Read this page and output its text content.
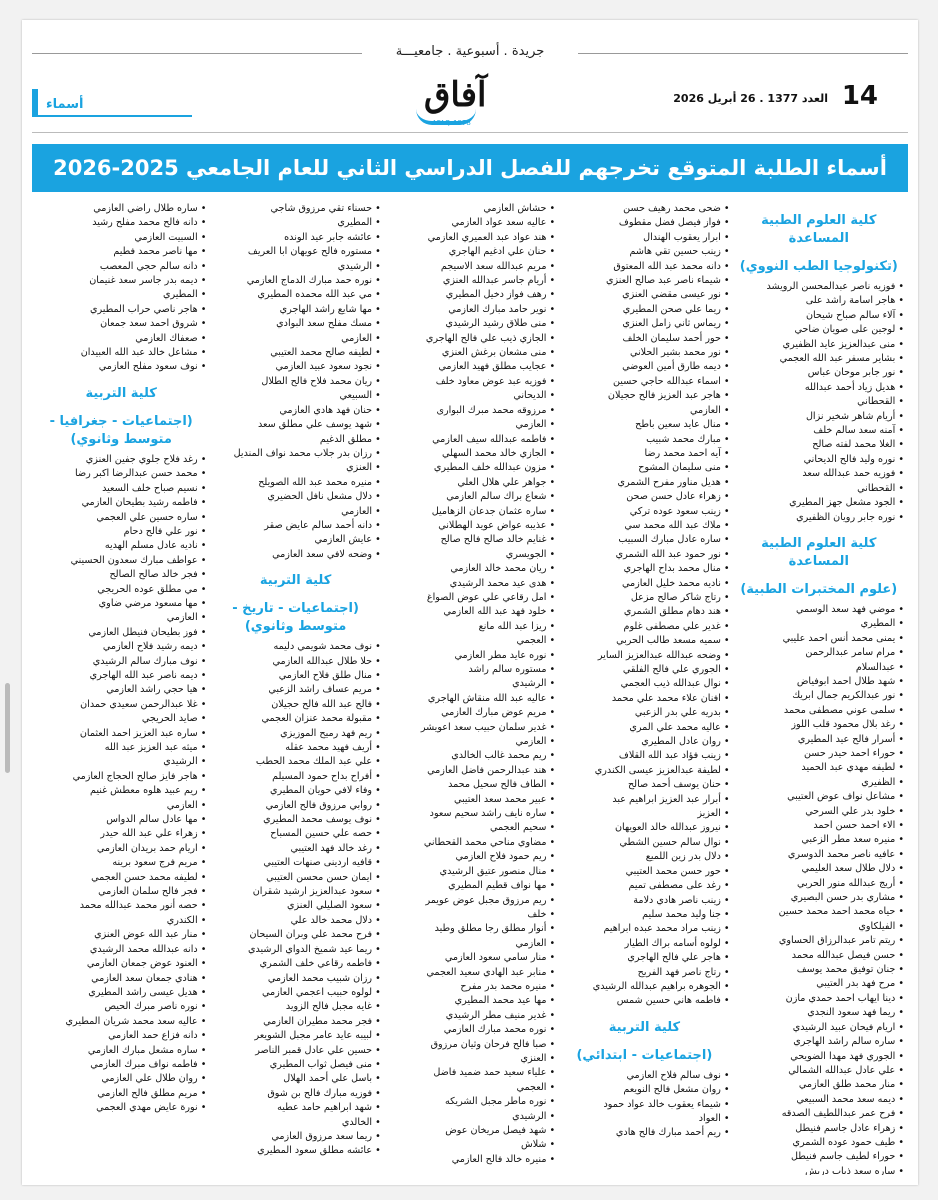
جريدة . أسبوعية . جامعيـــة
14
العدد 1377 . 26 أبريل 2026
آفاق
AFAQ-1978
أسماء
أسماء الطلبة المتوقع تخرجهم للفصل الدراسي الثاني للعام الجامعي 2025-2026
كلية العلوم الطبية المساعدة
(تكنولوجيا الطب النووي)
• فوزيه ناصر عبدالمحسن الرويشد
• هاجر اسامة راشد على
• آلاء سالم صباح شيحان
• لوجين على صويان ضاحي
• منى عبدالعزيز عايد الظفيري
• بشاير مسفر عبد الله العجمي
• نور جابر موحان عباس
• هديل زياد أحمد عبدالله
• القحطاني
• أريام شاهر شخير نزال
• آمنه سعد سالم خلف
• الغلا محمد لفته صالح
• نوره وليد فالح الديحاني
• فوزيه حمد عبدالله سعد
• القحطاني
• الجود مشعل جهز المطيري
• نوره جابر رويان الظفيري
كلية العلوم الطبية المساعدة
(علوم المختبرات الطبية)
• موضي فهد سعد الوسمي
• المطيري
• يمنى محمد أنس احمد عليبي
• مرام سامر عبدالرحمن
• عبدالسلام
• شهد طلال احمد ابوفياض
• نور عبدالكريم جمال ابريك
• سلمى عوني مصطفى محمد
• رغد بلال محمود قلب اللوز
• أسرار فالح عيد المطيري
• حوراء احمد حيدر حسن
• لطيفه مهدي عبد الحميد
• الظفيري
• مشاعل نواف عوض العتيبي
• خلود بدر علي السرحي
• الاء احمد حسن احمد
• منيره سعد مطر الزعبي
• عافيه ناصر محمد الدوسري
• دلال طلال سعد العليمي
• أريج عبدالله منور الحربي
• مشاري بدر حسن البصيري
• حياه محمد احمد محمد حسين
• الفيلكاوي
• ريتم تامر عبدالرزاق الحساوي
• حسن فيصل عبدالله محمد
• جنان توفيق محمد يوسف
• مرح فهد بدر العتيبي
• دينا ايهاب احمد حمدي مازن
• ريما فهد سعود النجدي
• اريام فيحان عبيد الرشيدي
• ساره سالم راشد الهاجري
• الجوري فهد مهدا الضويحي
• علي عادل عبدالله الشمالي
• منار محمد طلق العازمي
• ديمه سعد محمد السبيعي
• فرح عمر عبداللطيف الصدقه
• زهراء عادل جاسم فنيطل
• طيف حمود عوده الشمري
• حوراء لطيف جاسم فنيطل
• ساره سعد ذياب دريش
• ضحى محمد رهيف حسن
• فواز فيصل فضل مقطوف
• ابرار يعقوب الهندال
• زينب حسين تقي هاشم
• دانه محمد عبد الله المعتوق
• شيماء ناصر عبد صالح العنزي
• نور عيسى مقضي العنزي
• ريما علي صحن المطيري
• ريماس ثاني زامل العنزي
• حور أحمد سليمان الخلف
• نور محمد بشير الحلاني
• ديمه طارق أمين العوضي
• اسماء عبدالله حاجي حسين
• هاجر عبد العزيز فالح حجيلان
• العازمي
• منال عايد سعين باطح
• مبارك محمد شبيب
• آيه احمد محمد رضا
• منى سليمان المشوح
• هديل مناور مفرح الشمري
• زهراء عادل حسن صحن
• زينب سعود عوده تركي
• ملاك عبد الله محمد سي
• ساره عادل مبارك السبيب
• نور حمود عبد الله الشمري
• منال محمد بداح الهاجري
• ناديه محمد خليل العازمي
• رتاج شاكر صالح مزعل
• هند دهام مطلق الشمري
• غدير علي مصطفى غلوم
• سميه مسعد طالب الحربي
• وضحه عبدالله عبدالعزيز الساير
• الجوري علي فالح الفلقي
• نوال عبدالله ذيب العجمي
• افنان علاء محمد علي محمد
• بدريه علي بدر الزعبي
• عاليه محمد علي المري
• روان عادل المطيري
• زينب فؤاد عبد الله القلاف
• لطيفة عبدالعزيز عيسى الكندري
• حنان يوسف أحمد صالح
• أبرار عبد العزيز ابراهيم عبد
• العزيز
• نيروز عبدالله خالد العويهان
• نوال سالم حسين الشطي
• دلال بدر زين اللميع
• حور حسن محمد العتيبي
• رغد على مصطفى تميم
• زينب ناصر هادي دلامة
• جنا وليد محمد سليم
• زينب مراد محمد عبده ابراهيم
• لولوه أسامه براك الطيار
• هاجر علي فالح الهاجري
• رتاج ناصر فهد الفريح
• الجوهره براهيم عبدالله الرشيدي
• فاطمه هاني حسين شمس
كلية التربية
(اجتماعيات - ابتدائي)
• نوف سالم فلاح العازمي
• روان مشعل فالح النويعم
• شيماء يعقوب خالد عواد حمود
• العواد
• ريم أحمد مبارك فالح هادي
• حشاش العازمي
• عاليه سعد عواد العازمي
• هند عواد عبد العميري العازمي
• حنان علي ادغيم الهاجري
• مريم عبدالله سعد الاسيجم
• أريام جاسر عبدالله العنزي
• رهف فواز دخيل المطيري
• نوير حامد مبارك العازمي
• منى طلاق رشيد الرشيدي
• الجازي ذيب علي فالح الهاجري
• منى مشعان برغش العنزي
• عجايب مطلق فهيد العازمي
• فوزيه عبد عوض معاود خلف
• الديحاني
• مرزوقه محمد مبرك البوارى
• العازمي
• فاطمه عبدالله سيف العازمي
• الجازي خالد محمد السهلي
• مزون عبدالله خلف المطيري
• جواهر علي هلال العلي
• شعاع براك سالم العازمي
• ساره عثمان جدعان الزهاميل
• عذيبه عواض عويد الهطلاني
• غنايم خالد صالح فالح صالح
• الجويسري
• ريان محمد خالد العازمي
• هدى عيد محمد الرشيدي
• امل رقاعي علي عوض الصواغ
• خلود فهد عبد الله العازمي
• ريزا عبد الله مانع
• العجمي
• نوره عايد مطر العازمي
• مستوره سالم راشد
• الرشيدي
• عاليه عبد الله منقاش الهاجري
• مريم عوض مبارك العازمي
• غدير سلمان حبيب سعد اعويشر
• العازمي
• ريم محمد غالب الخالدي
• هند عبدالرحمن فاضل العازمي
• الطاف فالح سحيل محمد
• عبير محمد سعد العتيبي
• ساره نايف راشد سحيم سعود
• سحيم العجمي
• مضاوي مناحي محمد القحطاني
• ريم حمود فلاح العازمي
• منال منصور عتيق الرشيدي
• مها نواف قطيم المطيري
• ريم مرزوق مجبل عوض عويمر
• خلف
• أنوار مطلق رجا مطلق وطيد
• العازمي
• منار سامي سعود العازمي
• منابر عبد الهادي سعيد العجمي
• منيره محمد بدر مفرح
• مها عيد محمد المطيري
• غدير منيف مطر الرشيدي
• نوره محمد مبارك العازمي
• صبا فالح فرحان وثيان مرزوق
• العنزي
• علياء سعيد حمد ضميد فاضل
• العجمي
• نوره ماطر مجبل الشريكه
• الرشيدي
• شهد فيصل مريخان عوض
• شلاش
• منيره خالد فالح العازمي
• حسناء تقي مرزوق شاجي
• المطيري
• عائشه جابر عيد الونده
• مستوره فالح عويهان ابا العريف
• الرشيدي
• نوره حمد مبارك الدماج العازمي
• مي عبد الله محمده المطيري
• مها شايع راشد الهاجري
• مسك مفلح سعد البوادي
• العازمي
• لطيفه صالح محمد العتيبي
• نجود سعود عبيد العازمي
• ريان محمد فلاح فالح الطلال
• السبيعي
• حنان فهد هادي العازمي
• شهد يوسف علي مطلق سعد
• مطلق الدغيم
• رزان بدر جلاب محمد نواف المنديل
• العنزي
• منيره محمد عبد الله الصويلح
• دلال مشعل نافل الحضيري
• العازمي
• دانه أحمد سالم عايض صقر
• عايش العازمي
• وضحه لافي سعد العازمي
كلية التربية
(اجتماعيات - تاريخ - متوسط وثانوي)
• نوف محمد شويمي دليمه
• حلا طلال عبدالله العازمي
• منال طلق فلاح العازمي
• مريم عساف راشد الزعبي
• فالح عبد الله فالح حجيلان
• مقبولة محمد عنزان العجمي
• ريم فهد رميح الموزيزي
• أريف فهيد محمد عقله
• علي عبد الملك محمد الحطب
• أفراح بداح حمود المسيلم
• وفاء لافي حويان المطيري
• روابي مرزوق فالح العازمي
• نوف يوسف محمد المطيري
• حصه علي حسين المسباح
• رغد خالد فهد العتيبي
• قافيه اردينى صنهات العتيبي
• ايمان حسن محسن العتيبي
• سعود عبدالعزيز ارشيد شقران
• سعود الصليلي العنزي
• دلال محمد خالد علي
• فرح محمد علي وبران السيحان
• ريما عيد شميخ الدواي الرشيدي
• فاطمه رقاعي خلف الشمري
• رزان شبيب محمد العازمي
• لولوه حبيب اعجمي العازمي
• غايه مجبل فالح الزويد
• فجر محمد مطيران العازمي
• لبيبه عايد عامر مجبل الشويعر
• حسين علي عادل قمبر الناصر
• منى فيصل ثواب المطيري
• باسل علي أحمد الهلال
• فوزيه مبارك فالح بن شوق
• شهد ابراهيم حامد عطيه
• الخالدي
• ريما سعد مرزوق العازمي
• عائشه مطلق سعود المطيري
• ساره طلال راضي العازمي
• دانه فالح محمد مفلح رشيد
• السبيت العازمي
• مها ناصر محمد فطيم
• دانه سالم حجي المعصب
• ديمه بدر جاسر سعد غنيمان
• المطيري
• هاجر ناصي حراب المطيري
• شروق احمد سعد جمعان
• صعفاك العازمي
• مشاعل خالد عبد الله العبيدان
• نوف سعود مفلح العازمي
كلية التربية
(اجتماعيات - جغرافيا - متوسط وثانوي)
• رغد فلاح جلوي جفين العنزي
• محمد حسن عبدالرضا اكبر رضا
• نسيم صباح خلف السعيد
• فاطمه رشيد بطيحان العازمي
• ساره حسين علي العجمي
• نور علي فالح دحام
• ناديه عادل مسلم الهديه
• عواطف مبارك سعدون الحسيني
• فجر خالد صالح الصالح
• مي مطلق عوده الحريجي
• مها مسعود مرضي ضاوي
• العازمي
• فوز بطيحان فنيطل العازمي
• ديمه رشيد فلاح العازمي
• نوف مبارك سالم الرشيدي
• ديمه ناصر عبد الله الهاجري
• هيا حجي راشد العازمي
• غلا عبدالرحمن سعيدي حمدان
• صايد الحريجي
• ساره عبد العزيز احمد العثمان
• ميثه عبد العزيز عبد الله
• الرشيدي
• هاجر فايز صالح الحجاج العازمي
• ريم عبيد هلوه معطش غنيم
• العازمي
• مها عادل سالم الدواس
• زهراء علي عبد الله حيدر
• اريام حمد بريدان العازمي
• مريم فرج سعود برينه
• لطيفه محمد حسن العجمي
• فجر فالح سلمان العازمي
• حصه أنور محمد عبدالله محمد
• الكندري
• منار عبد الله عوض العنزي
• دانه عبدالله محمد الرشيدي
• العنود عوض جمعان العازمي
• هنادي جمعان سعد العازمي
• هديل عيسى راشد المطيري
• نوره ناصر مبرك الحيص
• عاليه سعد محمد شريان المطيري
• دانه فزاع حمد العازمي
• ساره مشعل مبارك العازمي
• فاطمه نواف مبرك العازمي
• روان طلال علي العازمي
• مريم مطلق فالح العازمي
• نورة عايض مهدي العجمي
